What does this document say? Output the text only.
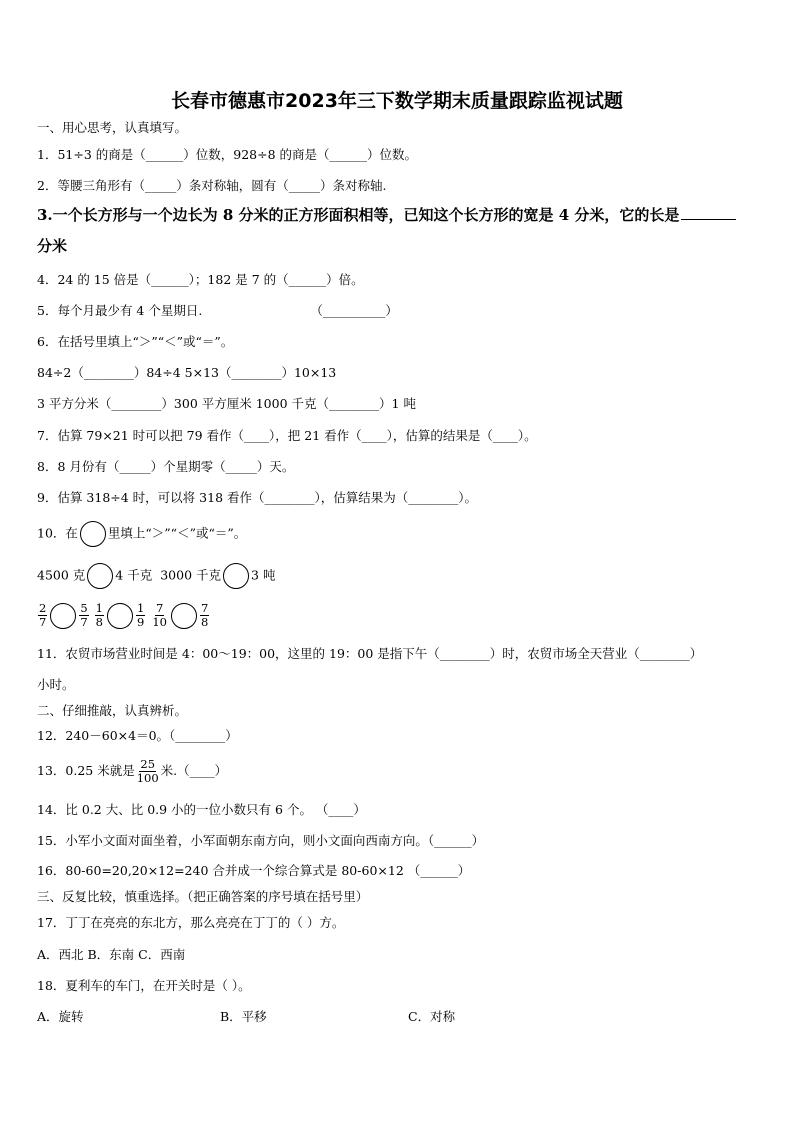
长春市德惠市2023年三下数学期末质量跟踪监视试题
一、用心思考，认真填写。
1．51÷3 的商是（______）位数，928÷8 的商是（______）位数。
2．等腰三角形有（_____）条对称轴，圆有（_____）条对称轴.
3.一个长方形与一个边长为 8 分米的正方形面积相等，已知这个长方形的宽是 4 分米，它的长是
分米
4．24 的 15 倍是（______）；182 是 7 的（______）倍。
5．每个月最少有 4 个星期日.	（__________）
6．在括号里填上“＞”“＜”或“＝”。
84÷2（________）84÷4 5×13（________）10×13
3 平方分米（________）300 平方厘米 1000 千克（________）1 吨
7．估算 79×21 时可以把 79 看作（____），把 21 看作（____），估算的结果是（____）。
8．8 月份有（_____）个星期零（_____）天。
9．估算 318÷4 时，可以将 318 看作（________），估算结果为（________）。
10．在 里填上“＞”“＜”或“＝”。
4500 克 4 千克 3000 千克 3 吨
$\frac{2}{7}$	$\frac{5}{7} \frac{1}{8}$	$\frac{1}{9} \frac{7}{10}$	$\frac{7}{8}$
11．农贸市场营业时间是 4：00～19：00，这里的 19：00 是指下午（________）时，农贸市场全天营业（________）
小时。
二、仔细推敲，认真辨析。
12．240－60×4＝0。（________）
13．0.25 米就是 $\frac{25}{100}$ 米.（____）
14．比 0.2 大、比 0.9 小的一位小数只有 6 个。 （____）
15．小军小文面对面坐着，小军面朝东南方向，则小文面向西南方向。（______）
16．80-60=20,20×12=240 合并成一个综合算式是 80-60×12 （______）
三、反复比较，慎重选择。（把正确答案的序号填在括号里）
17．丁丁在亮亮的东北方，那么亮亮在丁丁的（ ）方。
A．西北 B．东南 C．西南
18．夏利车的车门，在开关时是（ ）。
A．旋转	B．平移	C．对称
